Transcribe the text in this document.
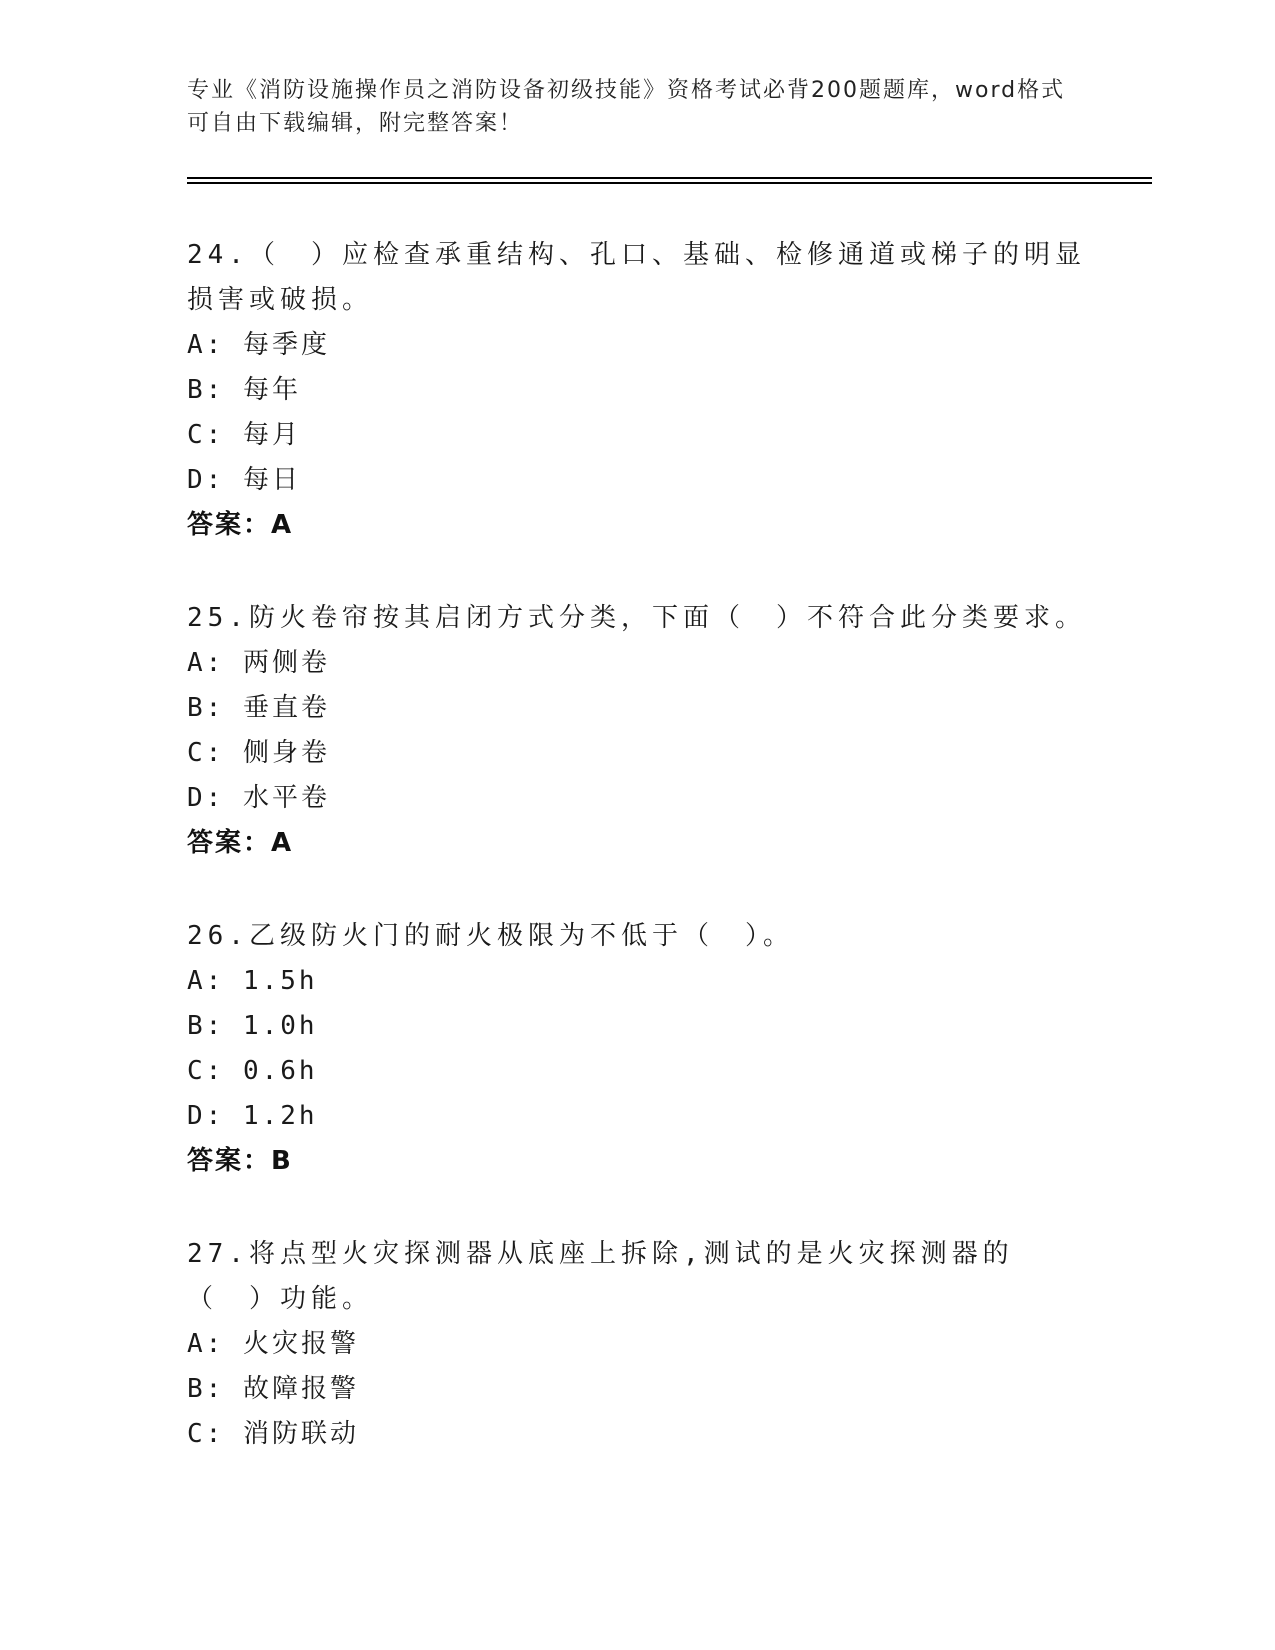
专业《消防设施操作员之消防设备初级技能》资格考试必背200题题库，word格式可自由下载编辑，附完整答案！

24.（　）应检查承重结构、孔口、基础、检修通道或梯子的明显损害或破损。

A: 每季度
B: 每年
C: 每月
D: 每日
答案：A

25.防火卷帘按其启闭方式分类，下面（　）不符合此分类要求。

A: 两侧卷
B: 垂直卷
C: 侧身卷
D: 水平卷
答案：A

26.乙级防火门的耐火极限为不低于（　）。

A: 1.5h
B: 1.0h
C: 0.6h
D: 1.2h
答案：B

27.将点型火灾探测器从底座上拆除,测试的是火灾探测器的（　）功能。

A: 火灾报警
B: 故障报警
C: 消防联动
